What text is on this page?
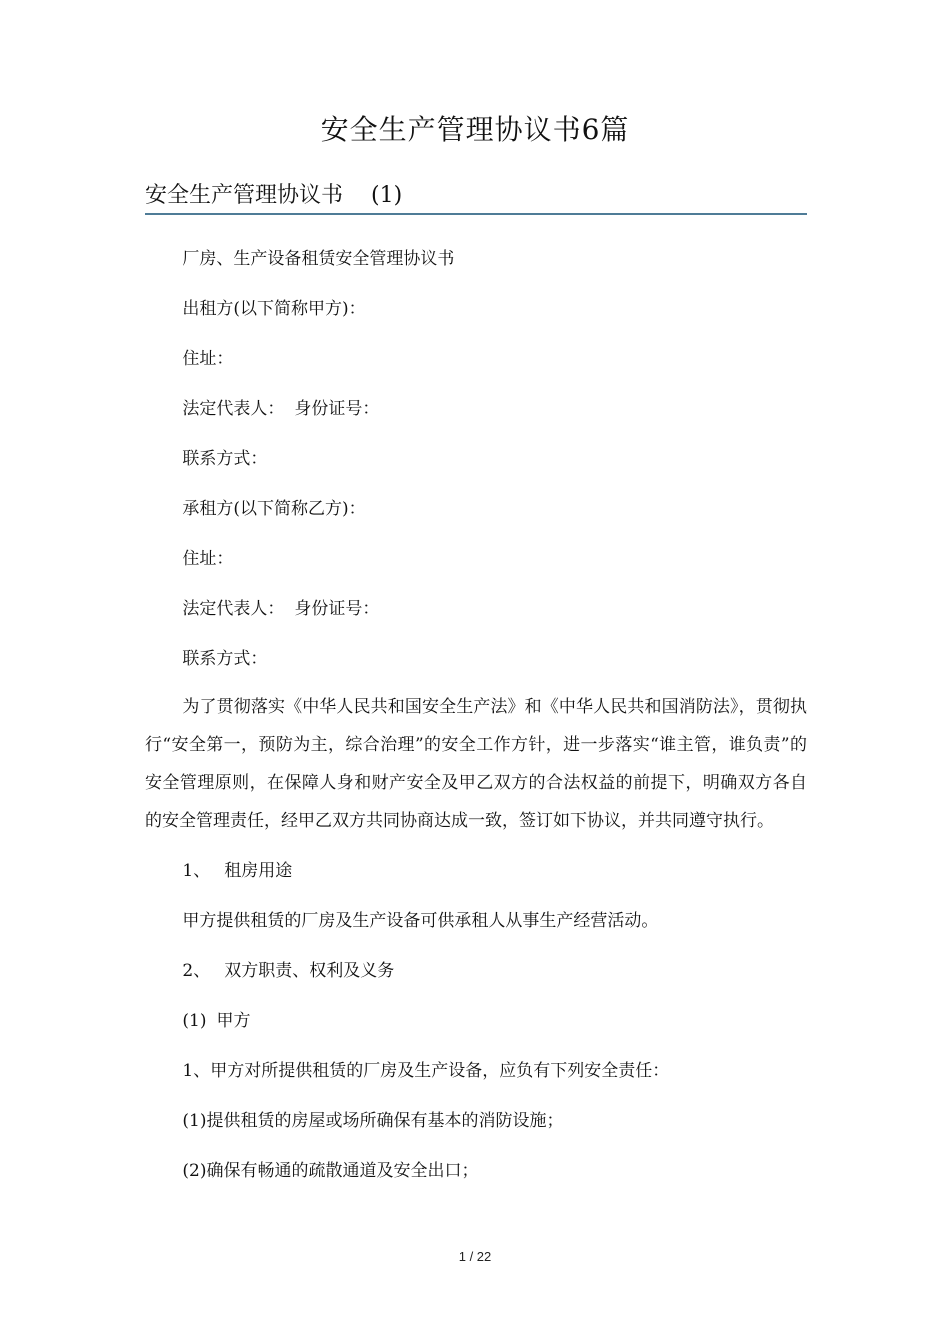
安全生产管理协议书6篇
安全生产管理协议书 (1)

厂房、生产设备租赁安全管理协议书

出租方(以下简称甲方)：

住址：

法定代表人： 身份证号：

联系方式：

承租方(以下简称乙方)：

住址：

法定代表人： 身份证号：

联系方式：

为了贯彻落实《中华人民共和国安全生产法》和《中华人民共和国消防法》，贯彻执行“安全第一，预防为主，综合治理”的安全工作方针，进一步落实“谁主管，谁负责”的安全管理原则，在保障人身和财产安全及甲乙双方的合法权益的前提下，明确双方各自的安全管理责任，经甲乙双方共同协商达成一致，签订如下协议，并共同遵守执行。

1、 租房用途

甲方提供租赁的厂房及生产设备可供承租人从事生产经营活动。

2、 双方职责、权利及义务

(1) 甲方

1、甲方对所提供租赁的厂房及生产设备，应负有下列安全责任：

(1)提供租赁的房屋或场所确保有基本的消防设施；

(2)确保有畅通的疏散通道及安全出口；

1 / 22
